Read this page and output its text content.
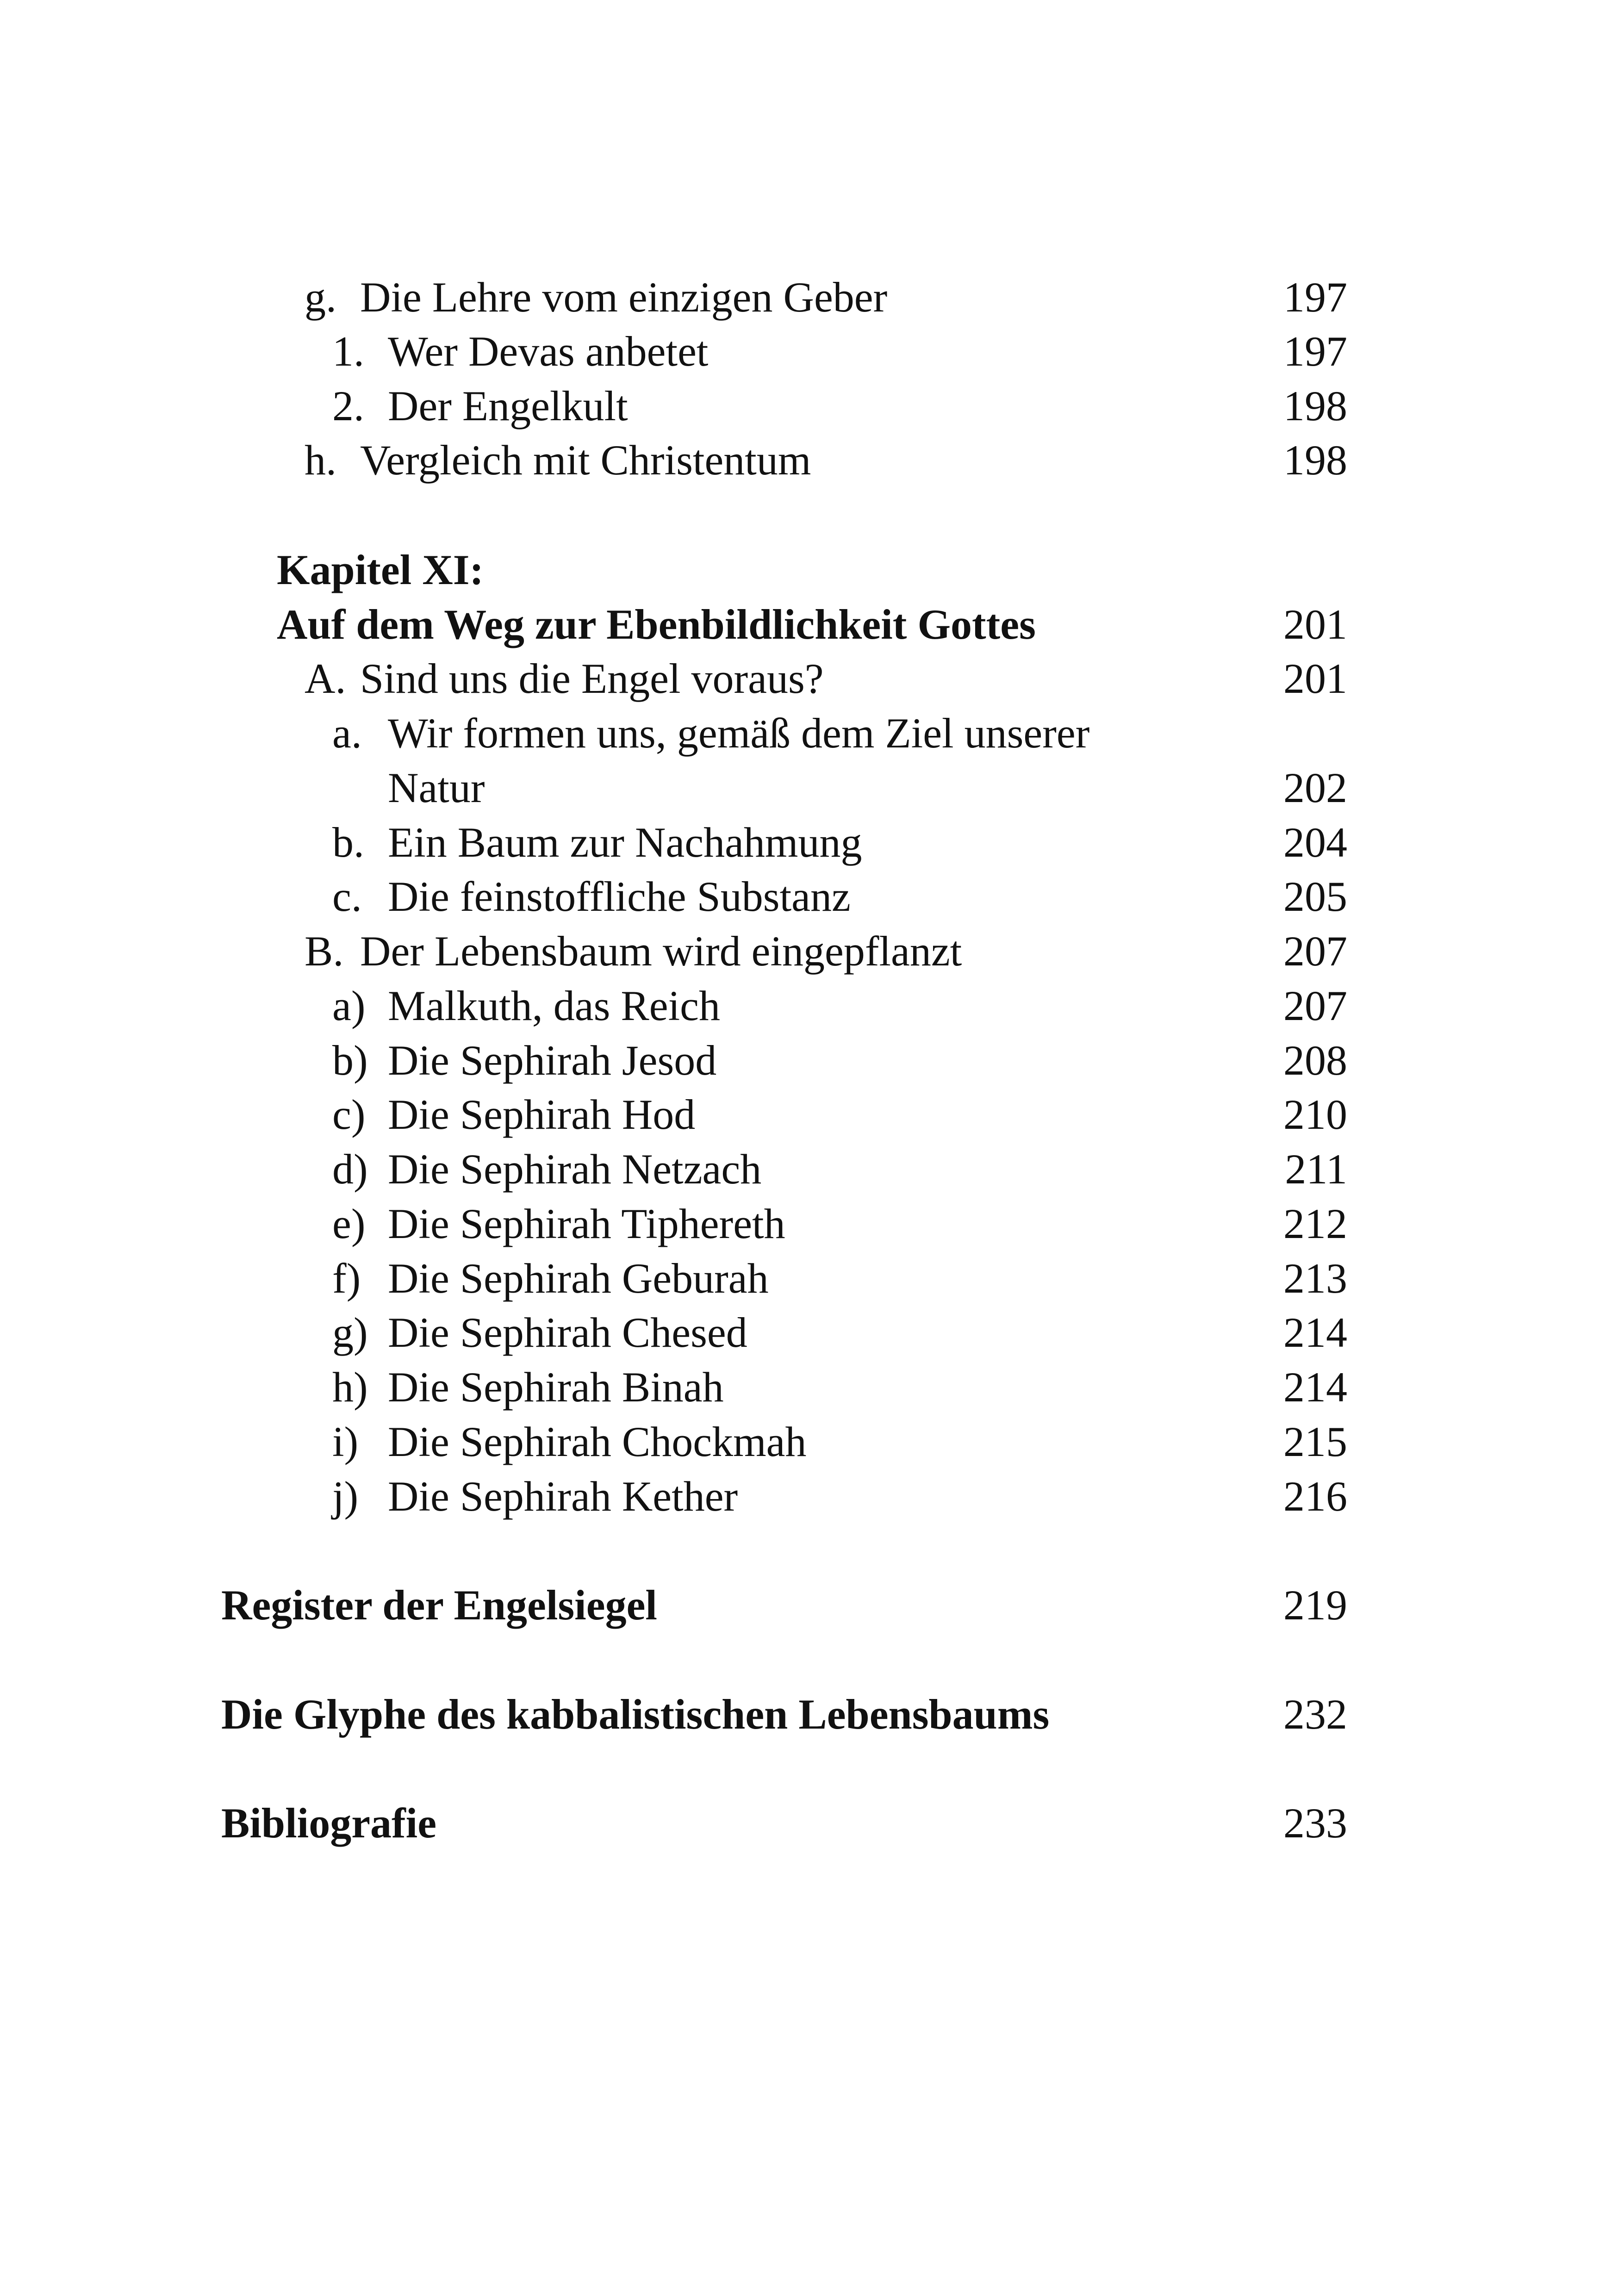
g. Die Lehre vom einzigen Geber	197
1. Wer Devas anbetet	197
2. Der Engelkult	198
h. Vergleich mit Christentum	198
Kapitel XI:
Auf dem Weg zur Ebenbildlichkeit Gottes	201
A. Sind uns die Engel voraus?	201
a. Wir formen uns, gemäß dem Ziel unserer
Natur	202
b. Ein Baum zur Nachahmung	204
c. Die feinstoffliche Substanz	205
B. Der Lebensbaum wird eingepflanzt	207
a) Malkuth, das Reich	207
b) Die Sephirah Jesod	208
c) Die Sephirah Hod	210
d) Die Sephirah Netzach	211
e) Die Sephirah Tiphereth	212
f) Die Sephirah Geburah	213
g) Die Sephirah Chesed	214
h) Die Sephirah Binah	214
i) Die Sephirah Chockmah	215
j) Die Sephirah Kether	216
Register der Engelsiegel	219
Die Glyphe des kabbalistischen Lebensbaums	232
Bibliografie	233
